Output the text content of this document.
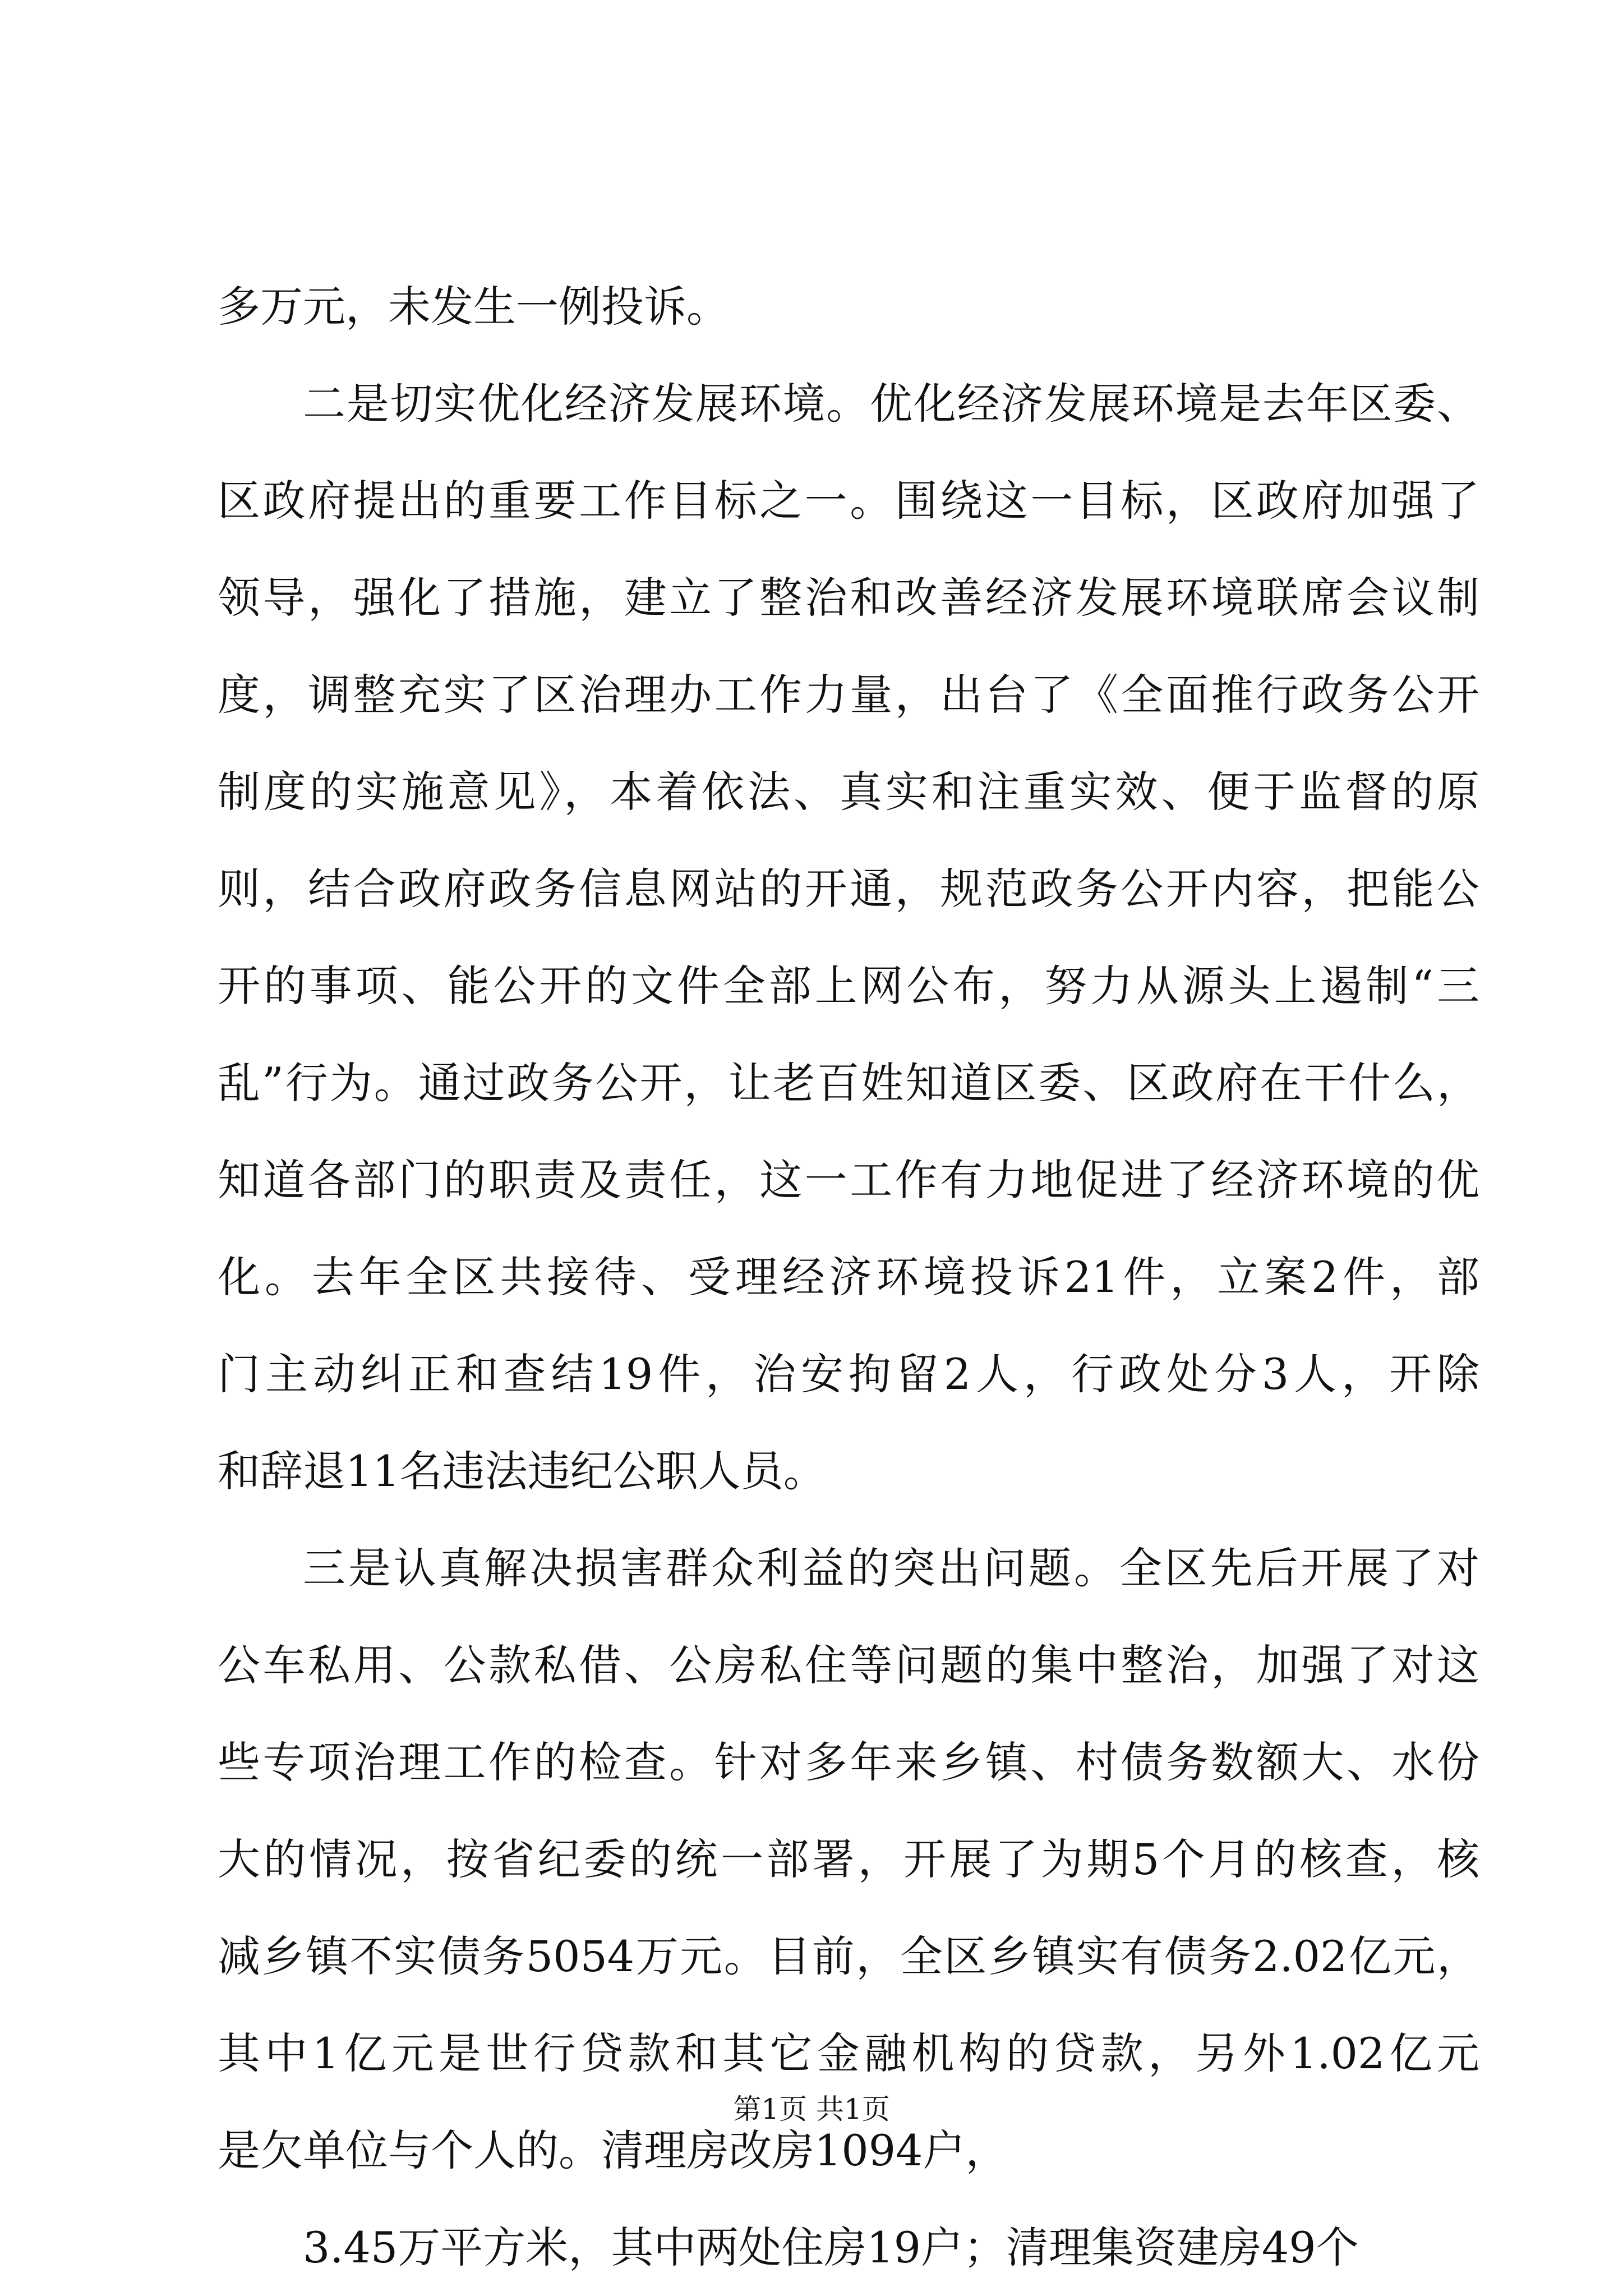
多万元，未发生一例投诉。
二是切实优化经济发展环境。优化经济发展环境是去年区委、
区政府提出的重要工作目标之一。围绕这一目标，区政府加强了
领导，强化了措施，建立了整治和改善经济发展环境联席会议制
度，调整充实了区治理办工作力量，出台了《全面推行政务公开
制度的实施意见》，本着依法、真实和注重实效、便于监督的原
则，结合政府政务信息网站的开通，规范政务公开内容，把能公
开的事项、能公开的文件全部上网公布，努力从源头上遏制“三
乱”行为。通过政务公开，让老百姓知道区委、区政府在干什么，
知道各部门的职责及责任，这一工作有力地促进了经济环境的优
化。去年全区共接待、受理经济环境投诉21件，立案2件，部
门主动纠正和查结19件，治安拘留2人，行政处分3人，开除
和辞退11名违法违纪公职人员。
三是认真解决损害群众利益的突出问题。全区先后开展了对
公车私用、公款私借、公房私住等问题的集中整治，加强了对这
些专项治理工作的检查。针对多年来乡镇、村债务数额大、水份
大的情况，按省纪委的统一部署，开展了为期5个月的核查，核
减乡镇不实债务5054万元。目前，全区乡镇实有债务2.02亿元，
其中1亿元是世行贷款和其它金融机构的贷款，另外1.02亿元
是欠单位与个人的。清理房改房1094户，
3.45万平方米，其中两处住房19户；清理集资建房49个
第1页 共1页
